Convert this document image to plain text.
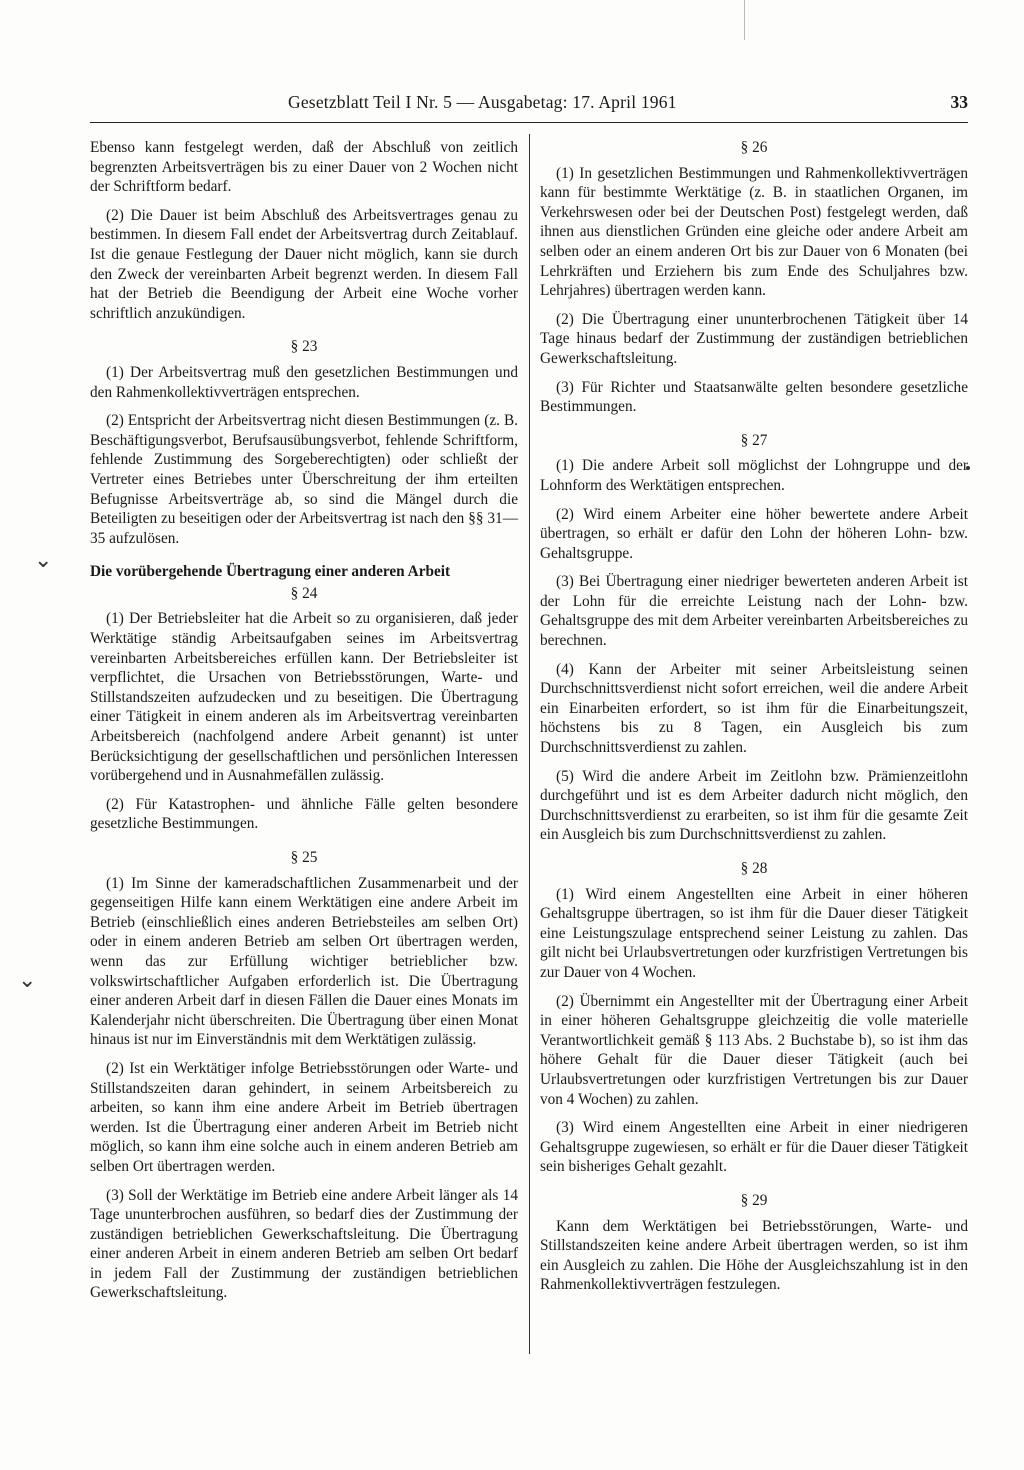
Gesetzblatt Teil I Nr. 5 — Ausgabetag: 17. April 1961	33
⌄
⌄

Ebenso kann festgelegt werden, daß der Abschluß von zeitlich begrenzten Arbeitsverträgen bis zu einer Dauer von 2 Wochen nicht der Schriftform bedarf.

(2) Die Dauer ist beim Abschluß des Arbeitsvertrages genau zu bestimmen. In diesem Fall endet der Arbeitsvertrag durch Zeitablauf. Ist die genaue Festlegung der Dauer nicht möglich, kann sie durch den Zweck der vereinbarten Arbeit begrenzt werden. In diesem Fall hat der Betrieb die Beendigung der Arbeit eine Woche vorher schriftlich anzukündigen.

§ 23

(1) Der Arbeitsvertrag muß den gesetzlichen Bestimmungen und den Rahmenkollektivverträgen entsprechen.

(2) Entspricht der Arbeitsvertrag nicht diesen Bestimmungen (z. B. Beschäftigungsverbot, Berufsausübungsverbot, fehlende Schriftform, fehlende Zustimmung des Sorgeberechtigten) oder schließt der Vertreter eines Betriebes unter Überschreitung der ihm erteilten Befugnisse Arbeitsverträge ab, so sind die Mängel durch die Beteiligten zu beseitigen oder der Arbeitsvertrag ist nach den §§ 31—35 aufzulösen.

Die vorübergehende Übertragung einer anderen Arbeit
§ 24

(1) Der Betriebsleiter hat die Arbeit so zu organisieren, daß jeder Werktätige ständig Arbeitsaufgaben seines im Arbeitsvertrag vereinbarten Arbeitsbereiches erfüllen kann. Der Betriebsleiter ist verpflichtet, die Ursachen von Betriebsstörungen, Warte- und Stillstandszeiten aufzudecken und zu beseitigen. Die Übertragung einer Tätigkeit in einem anderen als im Arbeitsvertrag vereinbarten Arbeitsbereich (nachfolgend andere Arbeit genannt) ist unter Berücksichtigung der gesellschaftlichen und persönlichen Interessen vorübergehend und in Ausnahmefällen zulässig.

(2) Für Katastrophen- und ähnliche Fälle gelten besondere gesetzliche Bestimmungen.

§ 25

(1) Im Sinne der kameradschaftlichen Zusammenarbeit und der gegenseitigen Hilfe kann einem Werktätigen eine andere Arbeit im Betrieb (einschließlich eines anderen Betriebsteiles am selben Ort) oder in einem anderen Betrieb am selben Ort übertragen werden, wenn das zur Erfüllung wichtiger betrieblicher bzw. volkswirtschaftlicher Aufgaben erforderlich ist. Die Übertragung einer anderen Arbeit darf in diesen Fällen die Dauer eines Monats im Kalenderjahr nicht überschreiten. Die Übertragung über einen Monat hinaus ist nur im Einverständnis mit dem Werktätigen zulässig.

(2) Ist ein Werktätiger infolge Betriebsstörungen oder Warte- und Stillstandszeiten daran gehindert, in seinem Arbeitsbereich zu arbeiten, so kann ihm eine andere Arbeit im Betrieb übertragen werden. Ist die Übertragung einer anderen Arbeit im Betrieb nicht möglich, so kann ihm eine solche auch in einem anderen Betrieb am selben Ort übertragen werden.

(3) Soll der Werktätige im Betrieb eine andere Arbeit länger als 14 Tage ununterbrochen ausführen, so bedarf dies der Zustimmung der zuständigen betrieblichen Gewerkschaftsleitung. Die Übertragung einer anderen Arbeit in einem anderen Betrieb am selben Ort bedarf in jedem Fall der Zustimmung der zuständigen betrieblichen Gewerkschaftsleitung.

§ 26

(1) In gesetzlichen Bestimmungen und Rahmenkollektivverträgen kann für bestimmte Werktätige (z. B. in staatlichen Organen, im Verkehrswesen oder bei der Deutschen Post) festgelegt werden, daß ihnen aus dienstlichen Gründen eine gleiche oder andere Arbeit am selben oder an einem anderen Ort bis zur Dauer von 6 Monaten (bei Lehrkräften und Erziehern bis zum Ende des Schuljahres bzw. Lehrjahres) übertragen werden kann.

(2) Die Übertragung einer ununterbrochenen Tätigkeit über 14 Tage hinaus bedarf der Zustimmung der zuständigen betrieblichen Gewerkschaftsleitung.

(3) Für Richter und Staatsanwälte gelten besondere gesetzliche Bestimmungen.

§ 27

(1) Die andere Arbeit soll möglichst der Lohngruppe und der Lohnform des Werktätigen entsprechen.

(2) Wird einem Arbeiter eine höher bewertete andere Arbeit übertragen, so erhält er dafür den Lohn der höheren Lohn- bzw. Gehaltsgruppe.

(3) Bei Übertragung einer niedriger bewerteten anderen Arbeit ist der Lohn für die erreichte Leistung nach der Lohn- bzw. Gehaltsgruppe des mit dem Arbeiter vereinbarten Arbeitsbereiches zu berechnen.

(4) Kann der Arbeiter mit seiner Arbeitsleistung seinen Durchschnittsverdienst nicht sofort erreichen, weil die andere Arbeit ein Einarbeiten erfordert, so ist ihm für die Einarbeitungszeit, höchstens bis zu 8 Tagen, ein Ausgleich bis zum Durchschnittsverdienst zu zahlen.

(5) Wird die andere Arbeit im Zeitlohn bzw. Prämienzeitlohn durchgeführt und ist es dem Arbeiter dadurch nicht möglich, den Durchschnittsverdienst zu erarbeiten, so ist ihm für die gesamte Zeit ein Ausgleich bis zum Durchschnittsverdienst zu zahlen.

§ 28

(1) Wird einem Angestellten eine Arbeit in einer höheren Gehaltsgruppe übertragen, so ist ihm für die Dauer dieser Tätigkeit eine Leistungszulage entsprechend seiner Leistung zu zahlen. Das gilt nicht bei Urlaubsvertretungen oder kurzfristigen Vertretungen bis zur Dauer von 4 Wochen.

(2) Übernimmt ein Angestellter mit der Übertragung einer Arbeit in einer höheren Gehaltsgruppe gleichzeitig die volle materielle Verantwortlichkeit gemäß § 113 Abs. 2 Buchstabe b), so ist ihm das höhere Gehalt für die Dauer dieser Tätigkeit (auch bei Urlaubsvertretungen oder kurzfristigen Vertretungen bis zur Dauer von 4 Wochen) zu zahlen.

(3) Wird einem Angestellten eine Arbeit in einer niedrigeren Gehaltsgruppe zugewiesen, so erhält er für die Dauer dieser Tätigkeit sein bisheriges Gehalt gezahlt.

§ 29

Kann dem Werktätigen bei Betriebsstörungen, Warte- und Stillstandszeiten keine andere Arbeit übertragen werden, so ist ihm ein Ausgleich zu zahlen. Die Höhe der Ausgleichszahlung ist in den Rahmenkollektivverträgen festzulegen.
